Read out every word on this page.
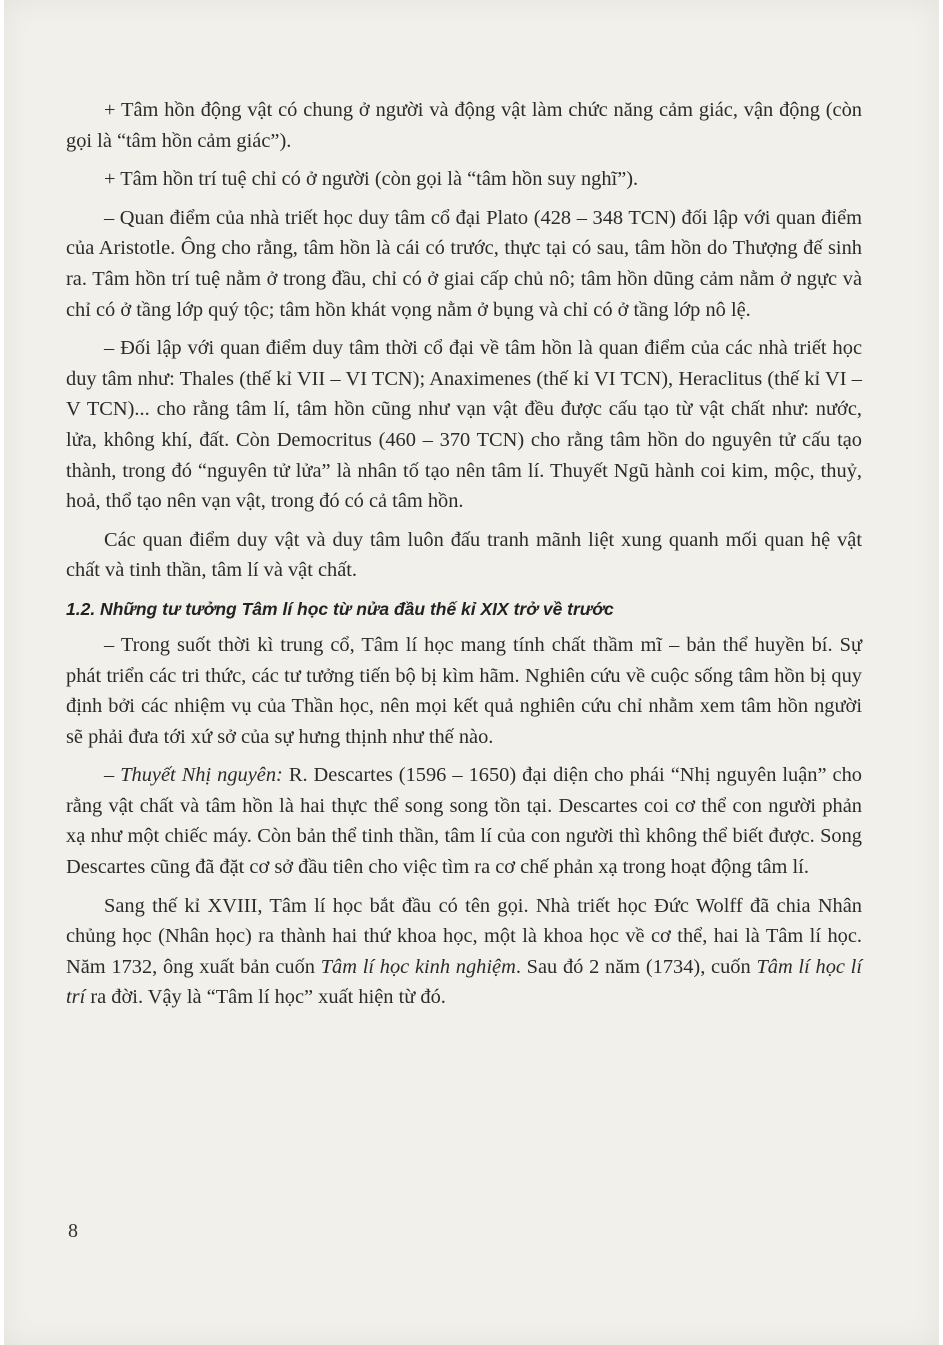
+ Tâm hồn động vật có chung ở người và động vật làm chức năng cảm giác, vận động (còn gọi là “tâm hồn cảm giác”).

+ Tâm hồn trí tuệ chỉ có ở người (còn gọi là “tâm hồn suy nghĩ”).

– Quan điểm của nhà triết học duy tâm cổ đại Plato (428 – 348 TCN) đối lập với quan điểm của Aristotle. Ông cho rằng, tâm hồn là cái có trước, thực tại có sau, tâm hồn do Thượng đế sinh ra. Tâm hồn trí tuệ nằm ở trong đầu, chỉ có ở giai cấp chủ nô; tâm hồn dũng cảm nằm ở ngực và chỉ có ở tầng lớp quý tộc; tâm hồn khát vọng nằm ở bụng và chỉ có ở tầng lớp nô lệ.

– Đối lập với quan điểm duy tâm thời cổ đại về tâm hồn là quan điểm của các nhà triết học duy tâm như: Thales (thế kỉ VII – VI TCN); Anaximenes (thế kỉ VI TCN), Heraclitus (thế kỉ VI – V TCN)... cho rằng tâm lí, tâm hồn cũng như vạn vật đều được cấu tạo từ vật chất như: nước, lửa, không khí, đất. Còn Democritus (460 – 370 TCN) cho rằng tâm hồn do nguyên tử cấu tạo thành, trong đó “nguyên tử lửa” là nhân tố tạo nên tâm lí. Thuyết Ngũ hành coi kim, mộc, thuỷ, hoả, thổ tạo nên vạn vật, trong đó có cả tâm hồn.

Các quan điểm duy vật và duy tâm luôn đấu tranh mãnh liệt xung quanh mối quan hệ vật chất và tinh thần, tâm lí và vật chất.

1.2. Những tư tưởng Tâm lí học từ nửa đầu thế kỉ XIX trở về trước

– Trong suốt thời kì trung cổ, Tâm lí học mang tính chất thầm mĩ – bản thể huyền bí. Sự phát triển các tri thức, các tư tưởng tiến bộ bị kìm hãm. Nghiên cứu về cuộc sống tâm hồn bị quy định bởi các nhiệm vụ của Thần học, nên mọi kết quả nghiên cứu chỉ nhằm xem tâm hồn người sẽ phải đưa tới xứ sở của sự hưng thịnh như thế nào.

– Thuyết Nhị nguyên: R. Descartes (1596 – 1650) đại diện cho phái “Nhị nguyên luận” cho rằng vật chất và tâm hồn là hai thực thể song song tồn tại. Descartes coi cơ thể con người phản xạ như một chiếc máy. Còn bản thể tinh thần, tâm lí của con người thì không thể biết được. Song Descartes cũng đã đặt cơ sở đầu tiên cho việc tìm ra cơ chế phản xạ trong hoạt động tâm lí.

Sang thế kỉ XVIII, Tâm lí học bắt đầu có tên gọi. Nhà triết học Đức Wolff đã chia Nhân chủng học (Nhân học) ra thành hai thứ khoa học, một là khoa học về cơ thể, hai là Tâm lí học. Năm 1732, ông xuất bản cuốn Tâm lí học kinh nghiệm. Sau đó 2 năm (1734), cuốn Tâm lí học lí trí ra đời. Vậy là “Tâm lí học” xuất hiện từ đó.

8
